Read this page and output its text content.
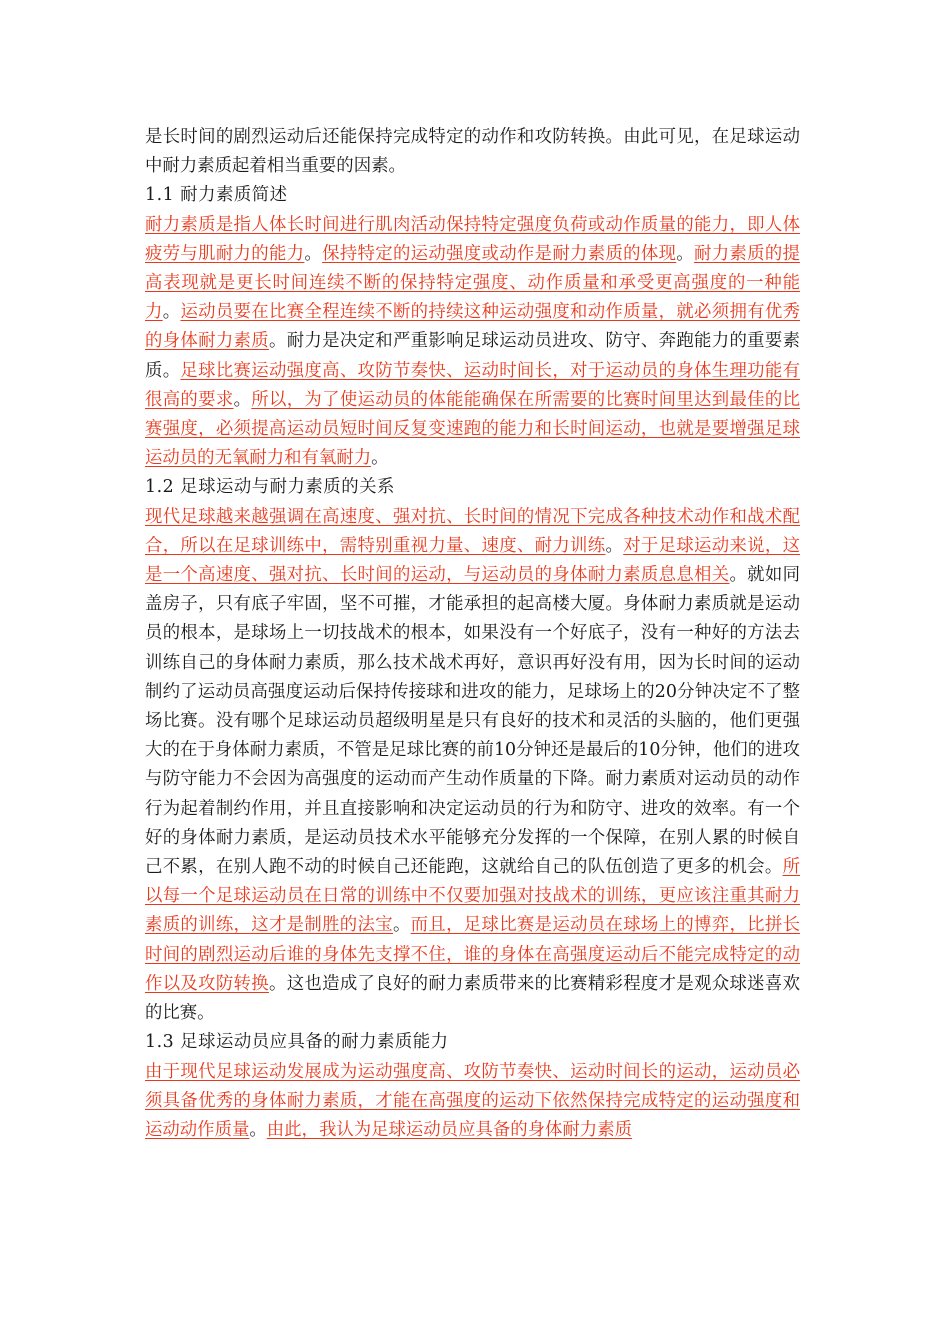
是长时间的剧烈运动后还能保持完成特定的动作和攻防转换。由此可见，在足球运动中耐力素质起着相当重要的因素。

1.1 耐力素质简述

耐力素质是指人体长时间进行肌肉活动保持特定强度负荷或动作质量的能力，即人体疲劳与肌耐力的能力。保持特定的运动强度或动作是耐力素质的体现。耐力素质的提高表现就是更长时间连续不断的保持特定强度、动作质量和承受更高强度的一种能力。运动员要在比赛全程连续不断的持续这种运动强度和动作质量，就必须拥有优秀的身体耐力素质。耐力是决定和严重影响足球运动员进攻、防守、奔跑能力的重要素质。足球比赛运动强度高、攻防节奏快、运动时间长，对于运动员的身体生理功能有很高的要求。所以，为了使运动员的体能能确保在所需要的比赛时间里达到最佳的比赛强度，必须提高运动员短时间反复变速跑的能力和长时间运动，也就是要增强足球运动员的无氧耐力和有氧耐力。

1.2 足球运动与耐力素质的关系

现代足球越来越强调在高速度、强对抗、长时间的情况下完成各种技术动作和战术配合，所以在足球训练中，需特别重视力量、速度、耐力训练。对于足球运动来说，这是一个高速度、强对抗、长时间的运动，与运动员的身体耐力素质息息相关。就如同盖房子，只有底子牢固，坚不可摧，才能承担的起高楼大厦。身体耐力素质就是运动员的根本，是球场上一切技战术的根本，如果没有一个好底子，没有一种好的方法去训练自己的身体耐力素质，那么技术战术再好，意识再好没有用，因为长时间的运动制约了运动员高强度运动后保持传接球和进攻的能力，足球场上的20分钟决定不了整场比赛。没有哪个足球运动员超级明星是只有良好的技术和灵活的头脑的，他们更强大的在于身体耐力素质，不管是足球比赛的前10分钟还是最后的10分钟，他们的进攻与防守能力不会因为高强度的运动而产生动作质量的下降。耐力素质对运动员的动作行为起着制约作用，并且直接影响和决定运动员的行为和防守、进攻的效率。有一个好的身体耐力素质，是运动员技术水平能够充分发挥的一个保障，在别人累的时候自己不累，在别人跑不动的时候自己还能跑，这就给自己的队伍创造了更多的机会。所以每一个足球运动员在日常的训练中不仅要加强对技战术的训练，更应该注重其耐力素质的训练，这才是制胜的法宝。而且，足球比赛是运动员在球场上的博弈，比拼长时间的剧烈运动后谁的身体先支撑不住，谁的身体在高强度运动后不能完成特定的动作以及攻防转换。这也造成了良好的耐力素质带来的比赛精彩程度才是观众球迷喜欢的比赛。

1.3 足球运动员应具备的耐力素质能力

由于现代足球运动发展成为运动强度高、攻防节奏快、运动时间长的运动，运动员必须具备优秀的身体耐力素质，才能在高强度的运动下依然保持完成特定的运动强度和运动动作质量。由此，我认为足球运动员应具备的身体耐力素质
